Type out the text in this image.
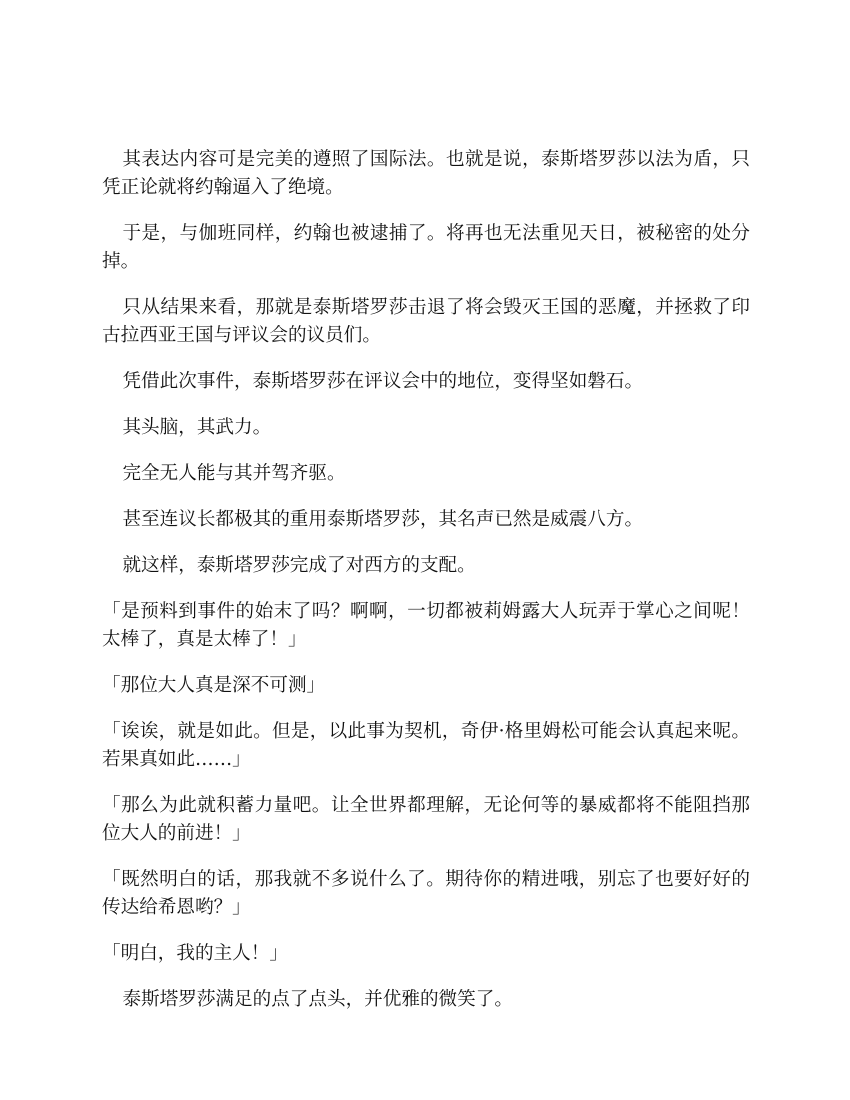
其表达内容可是完美的遵照了国际法。也就是说，泰斯塔罗莎以法为盾，只凭正论就将约翰逼入了绝境。

于是，与伽班同样，约翰也被逮捕了。将再也无法重见天日，被秘密的处分掉。

只从结果来看，那就是泰斯塔罗莎击退了将会毁灭王国的恶魔，并拯救了印古拉西亚王国与评议会的议员们。

凭借此次事件，泰斯塔罗莎在评议会中的地位，变得坚如磐石。

其头脑，其武力。

完全无人能与其并驾齐驱。

甚至连议长都极其的重用泰斯塔罗莎，其名声已然是威震八方。

就这样，泰斯塔罗莎完成了对西方的支配。

「是预料到事件的始末了吗？啊啊，一切都被莉姆露大人玩弄于掌心之间呢！太棒了，真是太棒了！」

「那位大人真是深不可测」

「诶诶，就是如此。但是，以此事为契机，奇伊·格里姆松可能会认真起来呢。若果真如此……」

「那么为此就积蓄力量吧。让全世界都理解，无论何等的暴威都将不能阻挡那位大人的前进！」

「既然明白的话，那我就不多说什么了。期待你的精进哦，别忘了也要好好的传达给希恩哟？」

「明白，我的主人！」

泰斯塔罗莎满足的点了点头，并优雅的微笑了。
